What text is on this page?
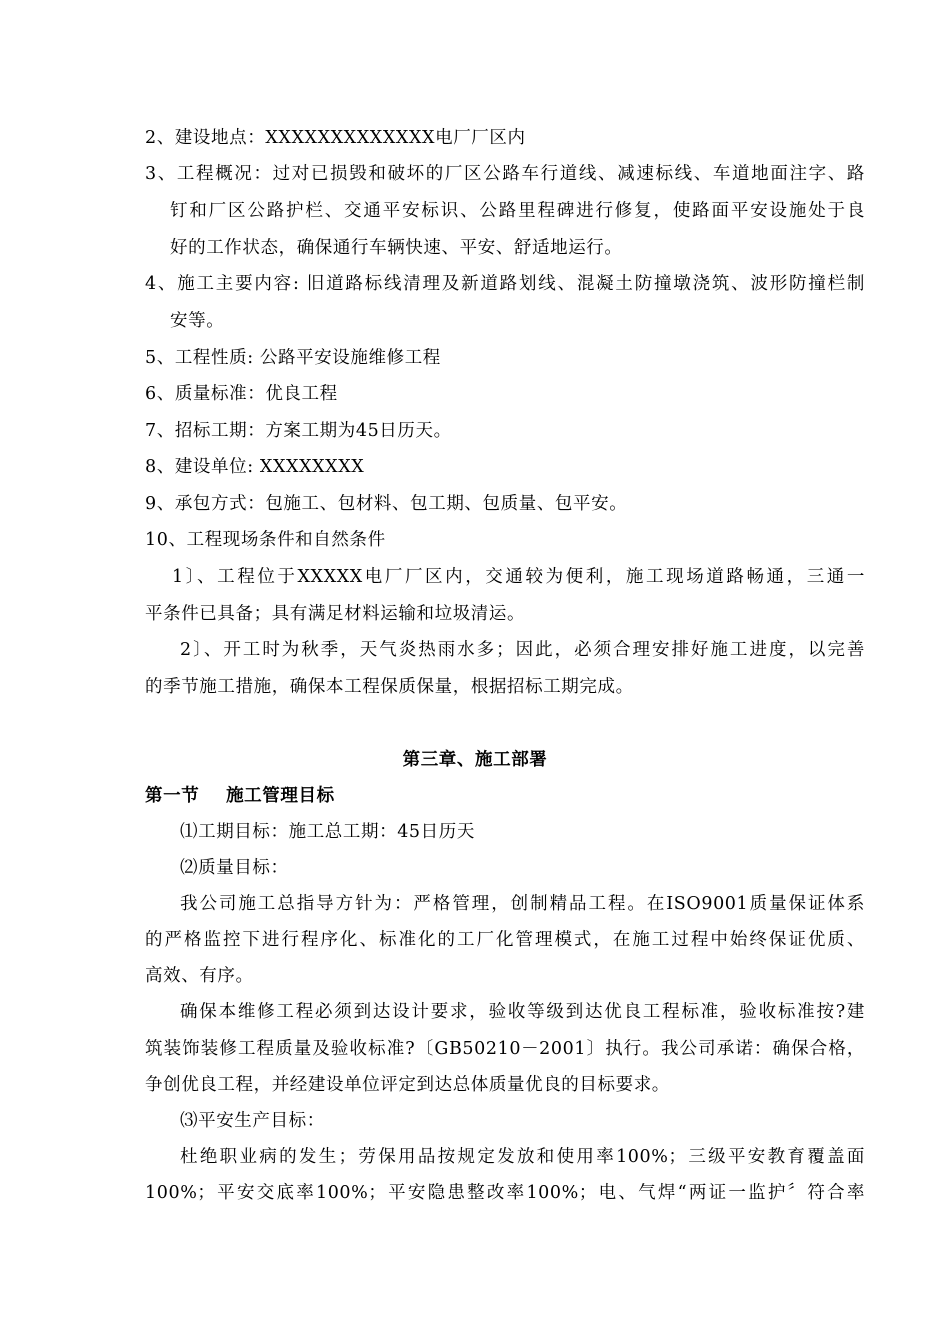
2、建设地点：XXXXXXXXXXXXX电厂厂区内
3、工程概况：过对已损毁和破坏的厂区公路车行道线、减速标线、车道地面注字、路
钉和厂区公路护栏、交通平安标识、公路里程碑进行修复，使路面平安设施处于良
好的工作状态，确保通行车辆快速、平安、舒适地运行。
4、施工主要内容: 旧道路标线清理及新道路划线、混凝土防撞墩浇筑、波形防撞栏制
安等。
5、工程性质: 公路平安设施维修工程
6、质量标准：优良工程
7、招标工期：方案工期为45日历天。
8、建设单位: XXXXXXXX
9、承包方式：包施工、包材料、包工期、包质量、包平安。
10、工程现场条件和自然条件
1〕、工程位于XXXXX电厂厂区内，交通较为便利，施工现场道路畅通，三通一
平条件已具备；具有满足材料运输和垃圾清运。
2〕、开工时为秋季，天气炎热雨水多；因此，必须合理安排好施工进度，以完善
的季节施工措施，确保本工程保质保量，根据招标工期完成。
第三章、施工部署
第一节    施工管理目标
⑴工期目标：施工总工期：45日历天
⑵质量目标：
我公司施工总指导方针为：严格管理，创制精品工程。在ISO9001质量保证体系
的严格监控下进行程序化、标准化的工厂化管理模式，在施工过程中始终保证优质、
高效、有序。
确保本维修工程必须到达设计要求，验收等级到达优良工程标准，验收标准按?建
筑装饰装修工程质量及验收标准?〔GB50210－2001〕执行。我公司承诺：确保合格，
争创优良工程，并经建设单位评定到达总体质量优良的目标要求。
⑶平安生产目标：
杜绝职业病的发生；劳保用品按规定发放和使用率100%；三级平安教育覆盖面
100%；平安交底率100%；平安隐患整改率100%；电、气焊“两证一监护〞符合率
